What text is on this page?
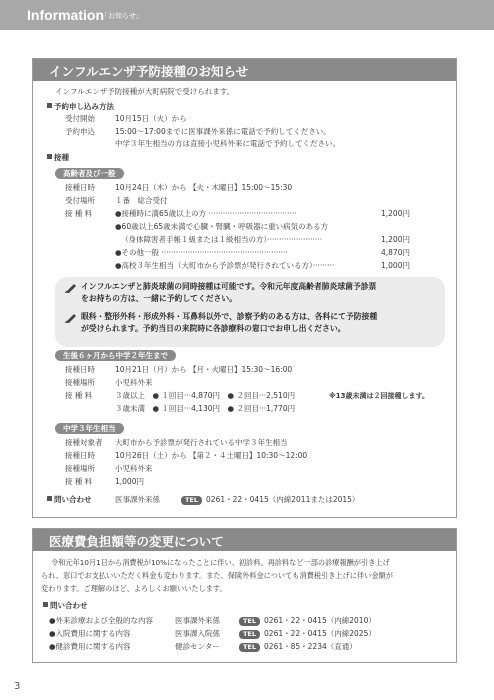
Information
「お知らせ」
インフルエンザ予防接種のお知らせ
インフルエンザ予防接種が大町病院で受けられます。
予約申し込み方法
受付開始	10月15日（火）から
予約申込	15:00〜17:00までに医事課外来係に電話で予約してください。
中学３年生相当の方は直接小児科外来に電話で予約してください。
接種
高齢者及び一般
接種日時	10月24日（木）から 【火・木曜日】15:00〜15:30
受付場所	１番　総合受付
接 種 料	●接種時に満65歳以上の方 ·····································	1,200円
●60歳以上65歳未満で心臓・腎臓・呼吸器に重い病気のある方
（身体障害者手帳１級または１級相当の方）·······················	1,200円
●その他一般 ·····················································	4,870円
●高校３年生相当（大町市から予診票が発行されている方）·········	1,000円
インフルエンザと肺炎球菌の同時接種は可能です。令和元年度高齢者肺炎球菌予診票
をお持ちの方は、一緒に予約してください。
眼科・整形外科・形成外科・耳鼻科以外で、診察予約のある方は、各科にて予防接種
が受けられます。予約当日の来院時に各診療科の窓口でお申し出ください。
生後６ヶ月から中学２年生まで
接種日時	10月21日（月）から 【月・火曜日】15:30〜16:00
接種場所	小児科外来
接 種 料	３歳以上　● １回目···4,870円　● ２回目···2,510円	※13歳未満は２回接種します。
３歳未満　● １回目···4,130円　● ２回目···1,770円
中学３年生相当
接種対象者 大町市から予診票が発行されている中学３年生相当
接種日時	10月26日（土）から 【第２・４土曜日】10:30〜12:00
接種場所	小児科外来
接 種 料	1,000円
問い合わせ	医事課外来係	TEL 0261・22・0415（内線2011または2015）
医療費負担額等の変更について
令和元年10月1日から消費税が10%になったことに伴い、初診料、再診料など一部の診療報酬が引き上げ
られ、窓口でお支払いいただく料金も変わります。また、保険外料金についても消費税引き上げに伴い金額が
変わります。ご理解のほど、よろしくお願いいたします。
問い合わせ
●外来診療および全般的な内容	医事課外来係	TEL 0261・22・0415（内線2010）
●入院費用に関する内容	医事課入院係	TEL 0261・22・0415（内線2025）
●健診費用に関する内容	健診センター	TEL 0261・85・2234（直通）
3
